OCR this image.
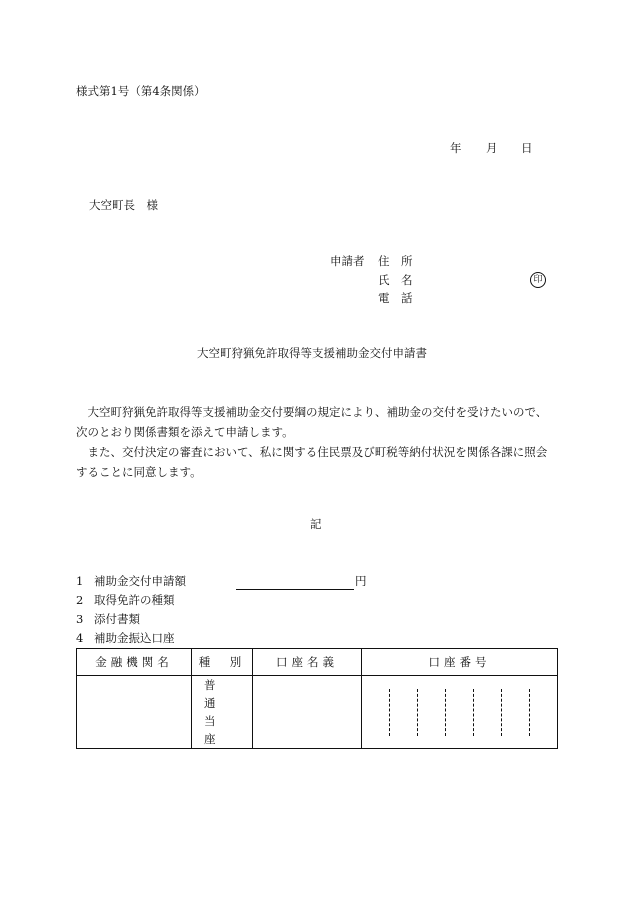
様式第1号（第4条関係）
年 月 日
大空町長　様
申請者 住　所
氏　名	印
電　話
大空町狩猟免許取得等支援補助金交付申請書

大空町狩猟免許取得等支援補助金交付要綱の規定により、補助金の交付を受けたいので、次のとおり関係書類を添えて申請します。

また、交付決定の審査において、私に関する住民票及び町税等納付状況を関係各課に照会することに同意します。

記
1 補助金交付申請額	円
2 取得免許の種類
3 添付書類
4 補助金振込口座
金融機関名	種　別	口座名義	口座番号

	普　通
当　座		
